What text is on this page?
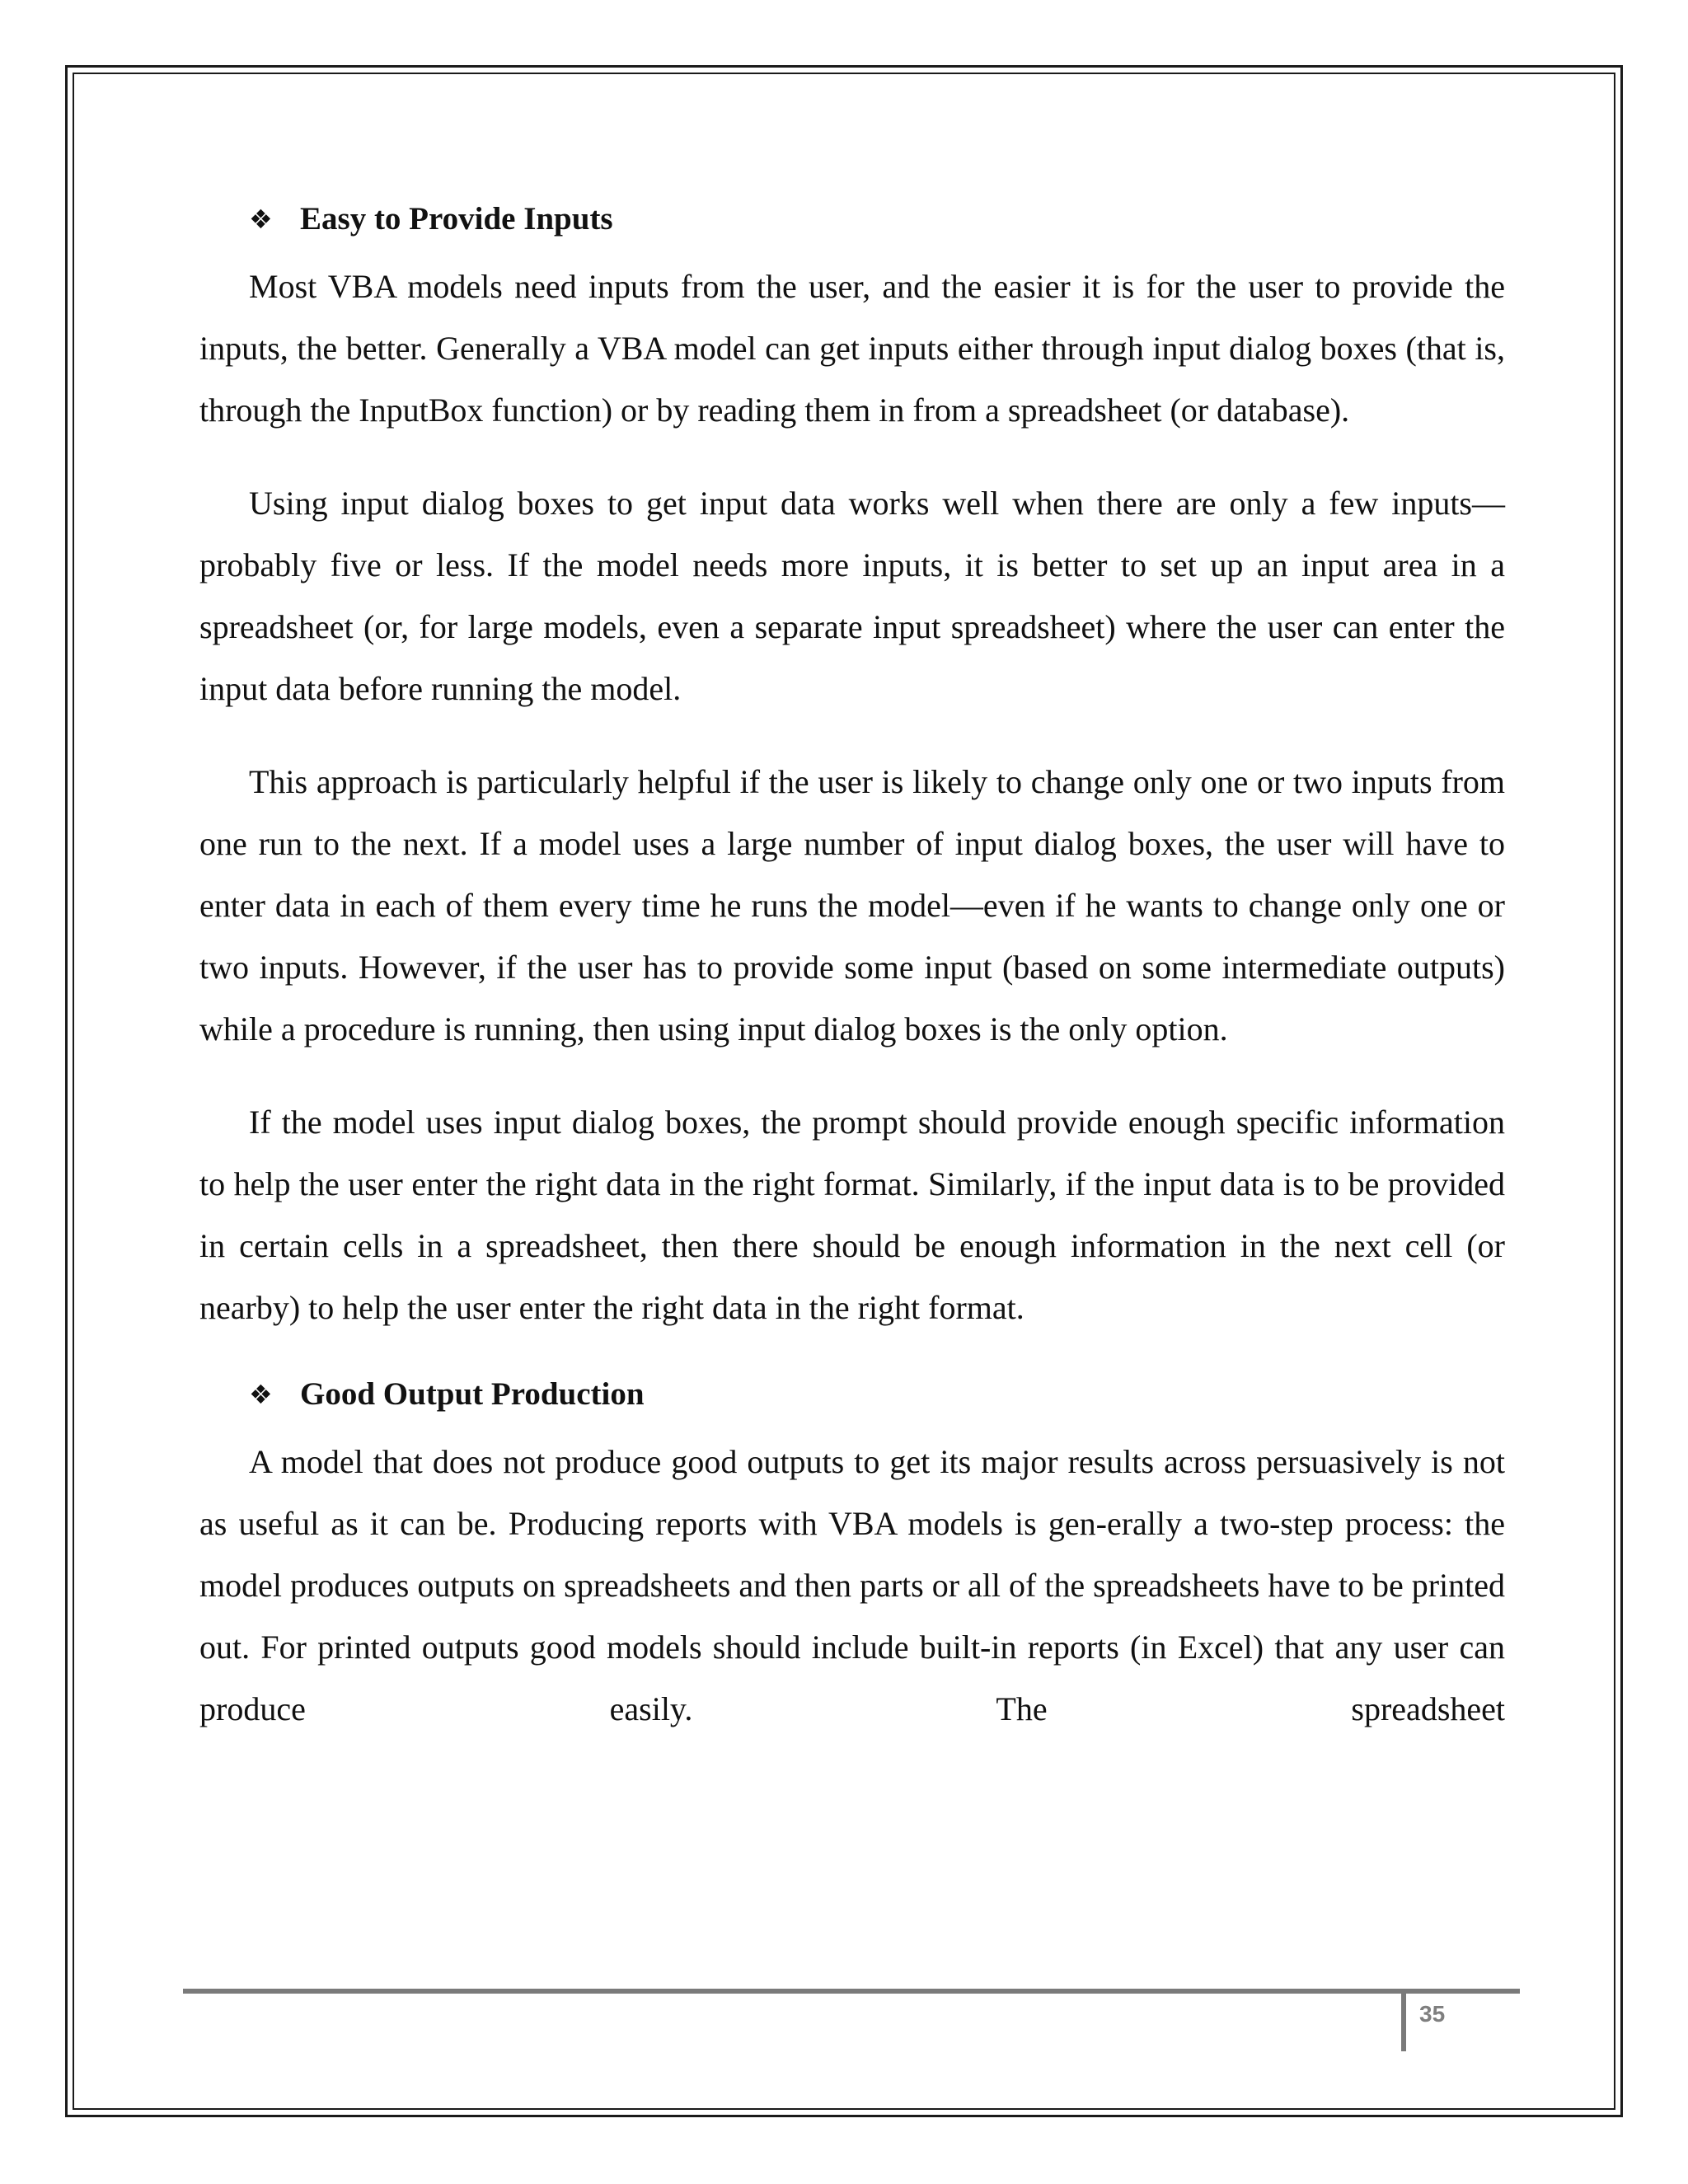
❖ Easy to Provide Inputs

Most VBA models need inputs from the user, and the easier it is for the user to provide the inputs, the better. Generally a VBA model can get inputs either through input dialog boxes (that is, through the InputBox function) or by reading them in from a spreadsheet (or database).

Using input dialog boxes to get input data works well when there are only a few inputs—probably five or less. If the model needs more inputs, it is better to set up an input area in a spreadsheet (or, for large models, even a separate input spreadsheet) where the user can enter the input data before running the model.

This approach is particularly helpful if the user is likely to change only one or two inputs from one run to the next. If a model uses a large number of input dialog boxes, the user will have to enter data in each of them every time he runs the model—even if he wants to change only one or two inputs. However, if the user has to provide some input (based on some intermediate outputs) while a procedure is running, then using input dialog boxes is the only option.

If the model uses input dialog boxes, the prompt should provide enough specific information to help the user enter the right data in the right format. Similarly, if the input data is to be provided in certain cells in a spreadsheet, then there should be enough information in the next cell (or nearby) to help the user enter the right data in the right format.

❖ Good Output Production

A model that does not produce good outputs to get its major results across persuasively is not as useful as it can be. Producing reports with VBA models is gen-erally a two-step process: the model produces outputs on spreadsheets and then parts or all of the spreadsheets have to be printed out. For printed outputs good models should include built-in reports (in Excel) that any user can produce easily. The spreadsheet

35
